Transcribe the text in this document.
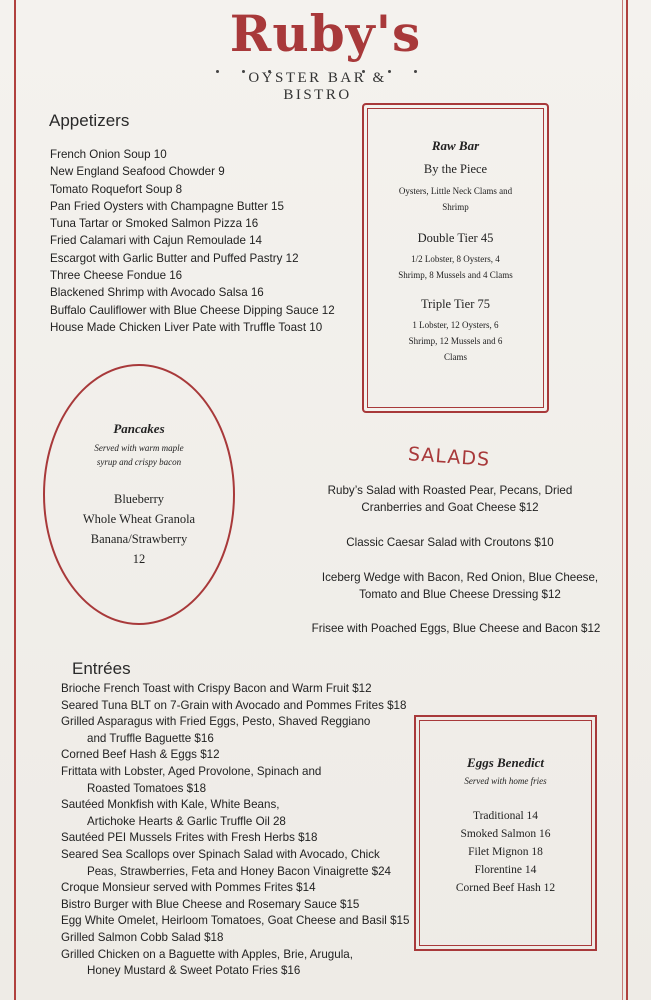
Ruby's
OYSTER BAR & BISTRO
Appetizers
French Onion Soup 10
New England Seafood Chowder 9
Tomato Roquefort Soup 8
Pan Fried Oysters with Champagne Butter 15
Tuna Tartar or Smoked Salmon Pizza 16
Fried Calamari with Cajun Remoulade 14
Escargot with Garlic Butter and Puffed Pastry 12
Three Cheese Fondue 16
Blackened Shrimp with Avocado Salsa 16
Buffalo Cauliflower with Blue Cheese Dipping Sauce 12
House Made Chicken Liver Pate with Truffle Toast 10
Raw Bar
By the Piece
Oysters, Little Neck Clams and
Shrimp
Double Tier 45
1/2 Lobster, 8 Oysters, 4
Shrimp, 8 Mussels and 4 Clams
Triple Tier 75
1 Lobster, 12 Oysters, 6
Shrimp, 12 Mussels and 6
Clams
Pancakes
Served with warm maple
syrup and crispy bacon
Blueberry
Whole Wheat Granola
Banana/Strawberry
12
SALADS
Ruby’s Salad with Roasted Pear, Pecans, Dried
Cranberries and Goat Cheese $12
Classic Caesar Salad with Croutons $10
Iceberg Wedge with Bacon, Red Onion, Blue Cheese,
Tomato and Blue Cheese Dressing $12
Frisee with Poached Eggs, Blue Cheese and Bacon $12
Entrées
Brioche French Toast with Crispy Bacon and Warm Fruit $12
Seared Tuna BLT on 7-Grain with Avocado and Pommes Frites $18
Grilled Asparagus with Fried Eggs, Pesto, Shaved Reggiano
and Truffle Baguette $16
Corned Beef Hash & Eggs $12
Frittata with Lobster, Aged Provolone, Spinach and
Roasted Tomatoes $18
Sautéed Monkfish with Kale, White Beans,
Artichoke Hearts & Garlic Truffle Oil 28
Sautéed PEI Mussels Frites with Fresh Herbs $18
Seared Sea Scallops over Spinach Salad with Avocado, Chick
Peas, Strawberries, Feta and Honey Bacon Vinaigrette $24
Croque Monsieur served with Pommes Frites $14
Bistro Burger with Blue Cheese and Rosemary Sauce $15
Egg White Omelet, Heirloom Tomatoes, Goat Cheese and Basil $15
Grilled Salmon Cobb Salad $18
Grilled Chicken on a Baguette with Apples, Brie, Arugula,
Honey Mustard & Sweet Potato Fries $16
Eggs Benedict
Served with home fries
Traditional 14
Smoked Salmon 16
Filet Mignon 18
Florentine 14
Corned Beef Hash 12
